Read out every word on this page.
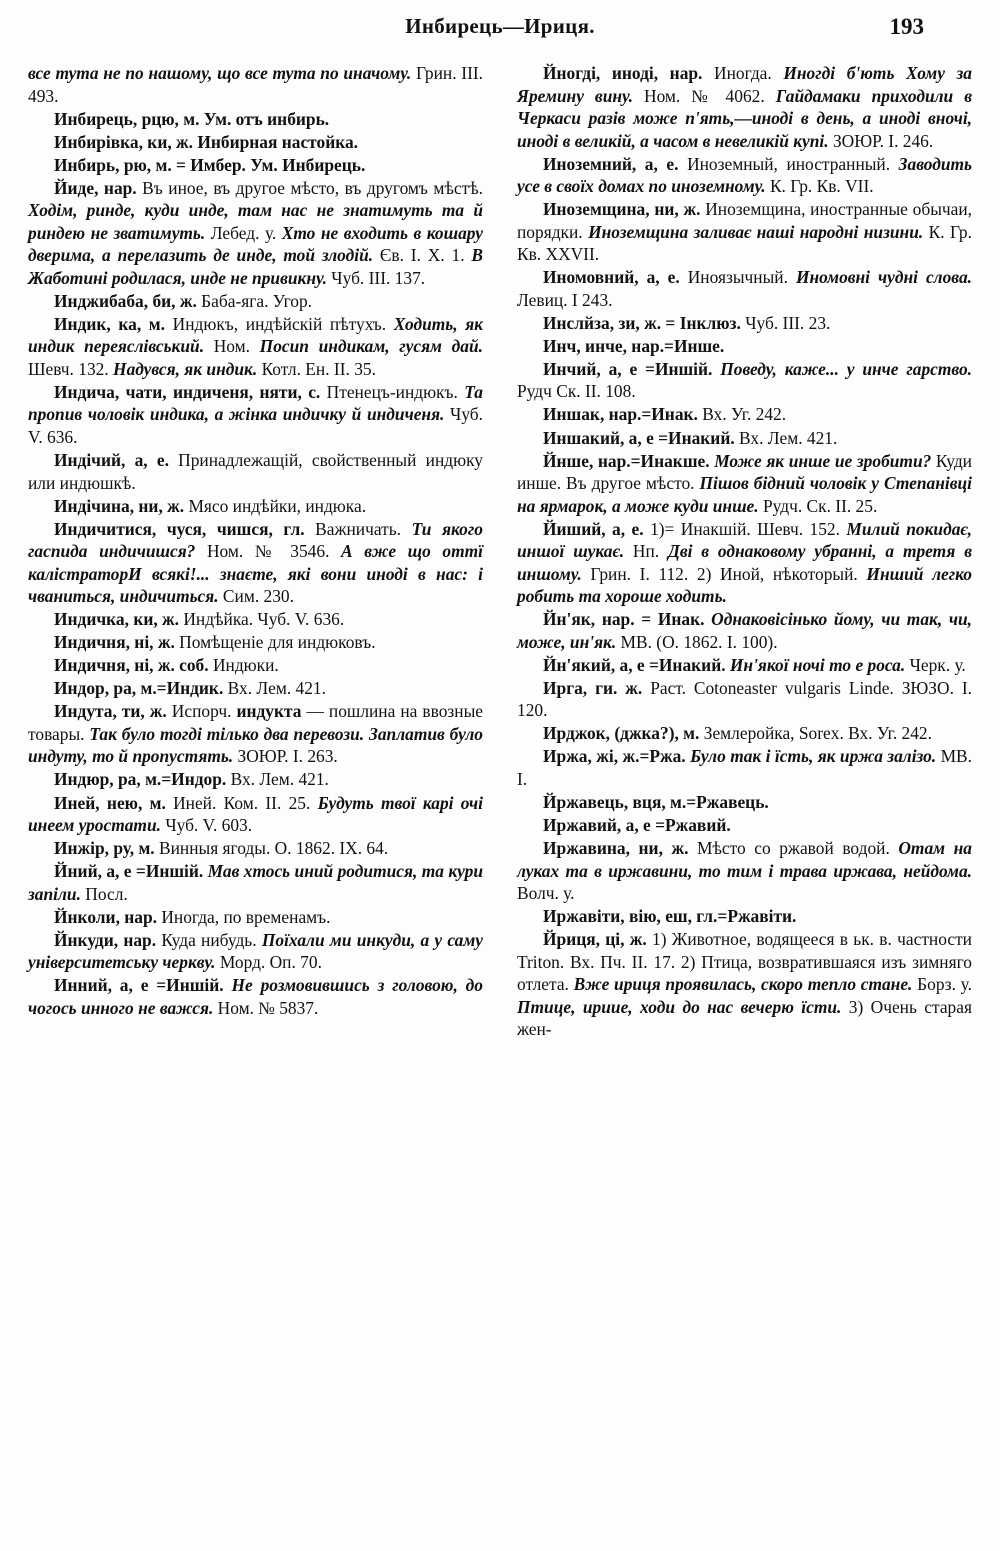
Инбирець—Ириця.	193

все тута не по нашому, що все тута по иначому. Грин. III. 493.

Инбирець, рцю, м. Ум. отъ инбирь.

Инбирівка, ки, ж. Инбирная настойка.

Инбирь, рю, м. = Имбер. Ум. Инбирець.

Йиде, нар. Въ иное, въ другое мѣсто, въ другомъ мѣстѣ. Ходім, ринде, куди инде, там нас не знатимуть та й риндею не зватимуть. Лебед. у. Хто не входить в кошару дверима, а перелазить де инде, той злодій. Єв. I. X. 1. В Жаботині родилася, инде не привикну. Чуб. III. 137.

Инджибаба, би, ж. Баба-яга. Угор.

Индик, ка, м. Индюкъ, индѣйскій пѣтухъ. Ходить, як индик переяслівський. Ном. Посип индикам, гусям дай. Шевч. 132. Надувся, як индик. Котл. Ен. II. 35.

Индича, чати, индиченя, няти, с. Птенецъ-индюкъ. Та пропив чоловік индика, а жінка индичку й индиченя. Чуб. V. 636.

Индічий, а, е. Принадлежащій, свойственный индюку или индюшкѣ.

Индічина, ни, ж. Мясо индѣйки, индюка.

Индичитися, чуся, чишся, гл. Важничать. Ти якого гаспида индичишся? Ном. № 3546. А вже що оттї калістраторИ всякі!... знаєте, які вони иноді в нас: і чваниться, индичиться. Сим. 230.

Индичка, ки, ж. Индѣйка. Чуб. V. 636.

Индичня, ні, ж. Помѣщеніе для индюковъ.

Индичня, ні, ж. соб. Индюки.

Индор, ра, м.=Индик. Вх. Лем. 421.

Индута, ти, ж. Испорч. индукта — пошлина на ввозные товары. Так було тогді тілько два перевози. Заплатив було индуту, то й пропустять. ЗОЮР. I. 263.

Индюр, ра, м.=Индор. Вх. Лем. 421.

Иней, нею, м. Иней. Ком. II. 25. Будуть твої карі очі инеем уростати. Чуб. V. 603.

Инжір, ру, м. Винныя ягоды. О. 1862. IX. 64.

Йний, а, е =Иншій. Мав хтось иний родитися, та кури запіли. Посл.

Йнколи, нар. Иногда, по временамъ.

Йнкуди, нар. Куда нибудь. Поїхали ми инкуди, а у саму університетську черкву. Морд. Оп. 70.

Инний, а, е =Иншій. Не розмовившись з головою, до чогось инного не важся. Ном. № 5837.

Йногді, иноді, нар. Иногда. Иногді б'ють Хому за Яремину вину. Ном. № 4062. Гайдамаки приходили в Черкаси разів може п'ять,—иноді в день, а иноді вночі, иноді в великій, а часом в невеликій купі. ЗОЮР. I. 246.

Иноземний, а, е. Иноземный, иностранный. Заводить усе в своїх домах по иноземному. К. Гр. Кв. VII.

Иноземщина, ни, ж. Иноземщина, иностранные обычаи, порядки. Иноземщина заливає наші народні низини. К. Гр. Кв. XXVII.

Иномовний, а, е. Иноязычный. Иномовні чудні слова. Левиц. I 243.

Инслйза, зи, ж. = Інклюз. Чуб. III. 23.

Инч, инче, нар.=Инше.

Инчий, а, е =Иншій. Поведу, каже... у инче гарство. Рудч Ск. II. 108.

Иншак, нар.=Инак. Вх. Уг. 242.

Иншакий, а, е =Инакий. Вх. Лем. 421.

Йнше, нар.=Инакше. Може як инше ие зробити? Куди инше. Въ другое мѣсто. Пішов бідний чоловік у Степанівці на ярмарок, а може куди инше. Рудч. Ск. II. 25.

Йиший, а, е. 1)= Инакшій. Шевч. 152. Милий покидає, иншої шукає. Нп. Дві в однаковому убранні, а третя в иншому. Грин. I. 112. 2) Иной, нѣкоторый. Инший легко робить та хороше ходить.

Йн'як, нар. = Инак. Однаковісінько йому, чи так, чи, може, ин'як. МВ. (О. 1862. I. 100).

Йн'який, а, е =Инакий. Ин'якої ночі то е роса. Черк. у.

Ирга, ги. ж. Раст. Cotoneaster vulgaris Linde. ЗЮЗО. I. 120.

Ирджок, (джка?), м. Землеройка, Sorex. Вх. Уг. 242.

Иржа, жі, ж.=Ржа. Було так і їсть, як иржа залізо. МВ. I.

Йржавець, вця, м.=Ржавець.

Иржавий, а, е =Ржавий.

Иржавина, ни, ж. Мѣсто со ржавой водой. Отам на луках та в иржавини, то тим і трава иржава, нейдома. Волч. у.

Иржавіти, вію, еш, гл.=Ржавіти.

Йриця, ці, ж. 1) Животное, водящееся в ьк. в. частности Triton. Вх. Пч. II. 17. 2) Птица, возвратившаяся изъ зимняго отлета. Вже ириця проявилась, скоро тепло стане. Борз. у. Птице, ириие, ходи до нас вечерю їсти. 3) Очень старая жен-
